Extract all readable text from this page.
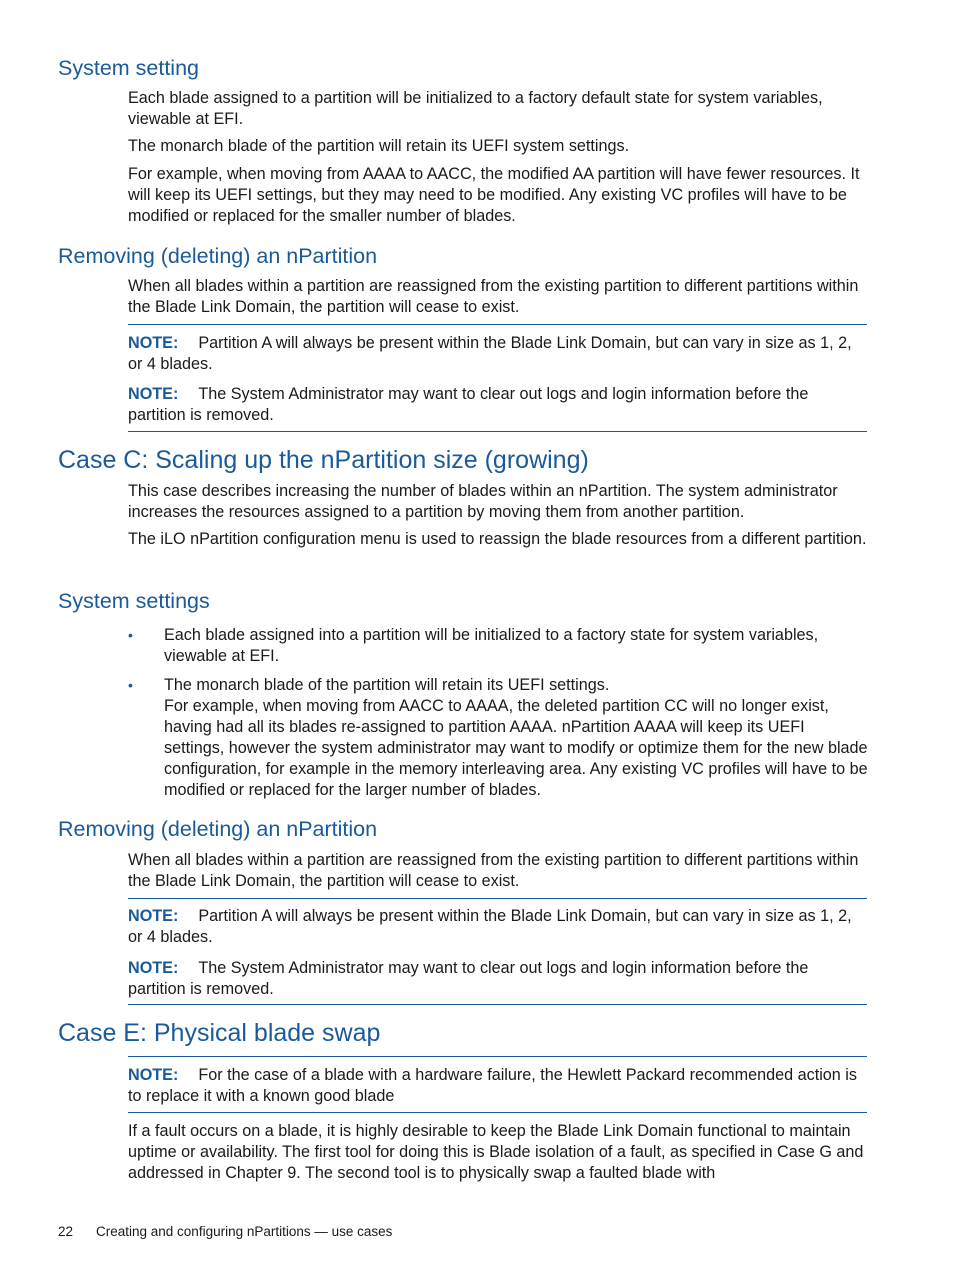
System setting

Each blade assigned to a partition will be initialized to a factory default state for system variables, viewable at EFI.

The monarch blade of the partition will retain its UEFI system settings.

For example, when moving from AAAA to AACC, the modified AA partition will have fewer resources. It will keep its UEFI settings, but they may need to be modified. Any existing VC profiles will have to be modified or replaced for the smaller number of blades.

Removing (deleting) an nPartition

When all blades within a partition are reassigned from the existing partition to different partitions within the Blade Link Domain, the partition will cease to exist.

NOTE: Partition A will always be present within the Blade Link Domain, but can vary in size as 1, 2, or 4 blades.

NOTE: The System Administrator may want to clear out logs and login information before the partition is removed.

Case C: Scaling up the nPartition size (growing)

This case describes increasing the number of blades within an nPartition. The system administrator increases the resources assigned to a partition by moving them from another partition.

The iLO nPartition configuration menu is used to reassign the blade resources from a different partition.

System settings
•	Each blade assigned into a partition will be initialized to a factory state for system variables, viewable at EFI.

•	The monarch blade of the partition will retain its UEFI settings.
For example, when moving from AACC to AAAA, the deleted partition CC will no longer exist, having had all its blades re-assigned to partition AAAA. nPartition AAAA will keep its UEFI settings, however the system administrator may want to modify or optimize them for the new blade configuration, for example in the memory interleaving area. Any existing VC profiles will have to be modified or replaced for the larger number of blades.
Removing (deleting) an nPartition

When all blades within a partition are reassigned from the existing partition to different partitions within the Blade Link Domain, the partition will cease to exist.

NOTE: Partition A will always be present within the Blade Link Domain, but can vary in size as 1, 2, or 4 blades.

NOTE: The System Administrator may want to clear out logs and login information before the partition is removed.

Case E: Physical blade swap

NOTE: For the case of a blade with a hardware failure, the Hewlett Packard recommended action is to replace it with a known good blade

If a fault occurs on a blade, it is highly desirable to keep the Blade Link Domain functional to maintain uptime or availability. The first tool for doing this is Blade isolation of a fault, as specified in Case G and addressed in Chapter 9. The second tool is to physically swap a faulted blade with

22 Creating and configuring nPartitions — use cases
